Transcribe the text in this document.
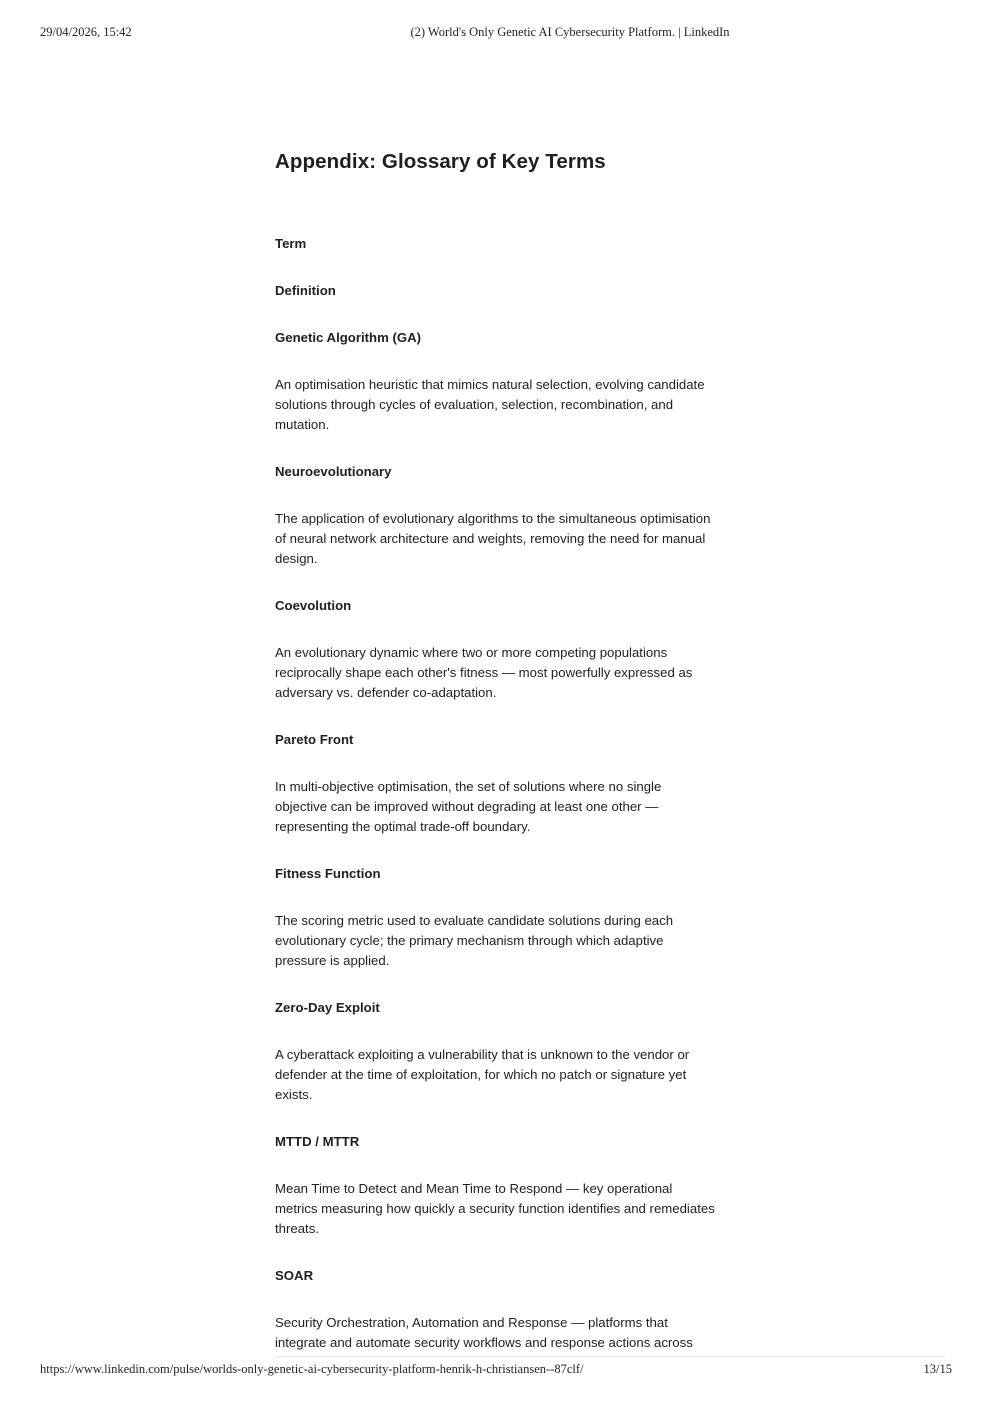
29/04/2026, 15:42	(2) World's Only Genetic AI Cybersecurity Platform. | LinkedIn
Appendix: Glossary of Key Terms

Term

Definition

Genetic Algorithm (GA)

An optimisation heuristic that mimics natural selection, evolving candidate solutions through cycles of evaluation, selection, recombination, and mutation.

Neuroevolutionary

The application of evolutionary algorithms to the simultaneous optimisation of neural network architecture and weights, removing the need for manual design.

Coevolution

An evolutionary dynamic where two or more competing populations reciprocally shape each other's fitness — most powerfully expressed as adversary vs. defender co-adaptation.

Pareto Front

In multi-objective optimisation, the set of solutions where no single objective can be improved without degrading at least one other — representing the optimal trade-off boundary.

Fitness Function

The scoring metric used to evaluate candidate solutions during each evolutionary cycle; the primary mechanism through which adaptive pressure is applied.

Zero-Day Exploit

A cyberattack exploiting a vulnerability that is unknown to the vendor or defender at the time of exploitation, for which no patch or signature yet exists.

MTTD / MTTR

Mean Time to Detect and Mean Time to Respond — key operational metrics measuring how quickly a security function identifies and remediates threats.

SOAR

Security Orchestration, Automation and Response — platforms that integrate and automate security workflows and response actions across

https://www.linkedin.com/pulse/worlds-only-genetic-ai-cybersecurity-platform-henrik-h-christiansen--87clf/	13/15
